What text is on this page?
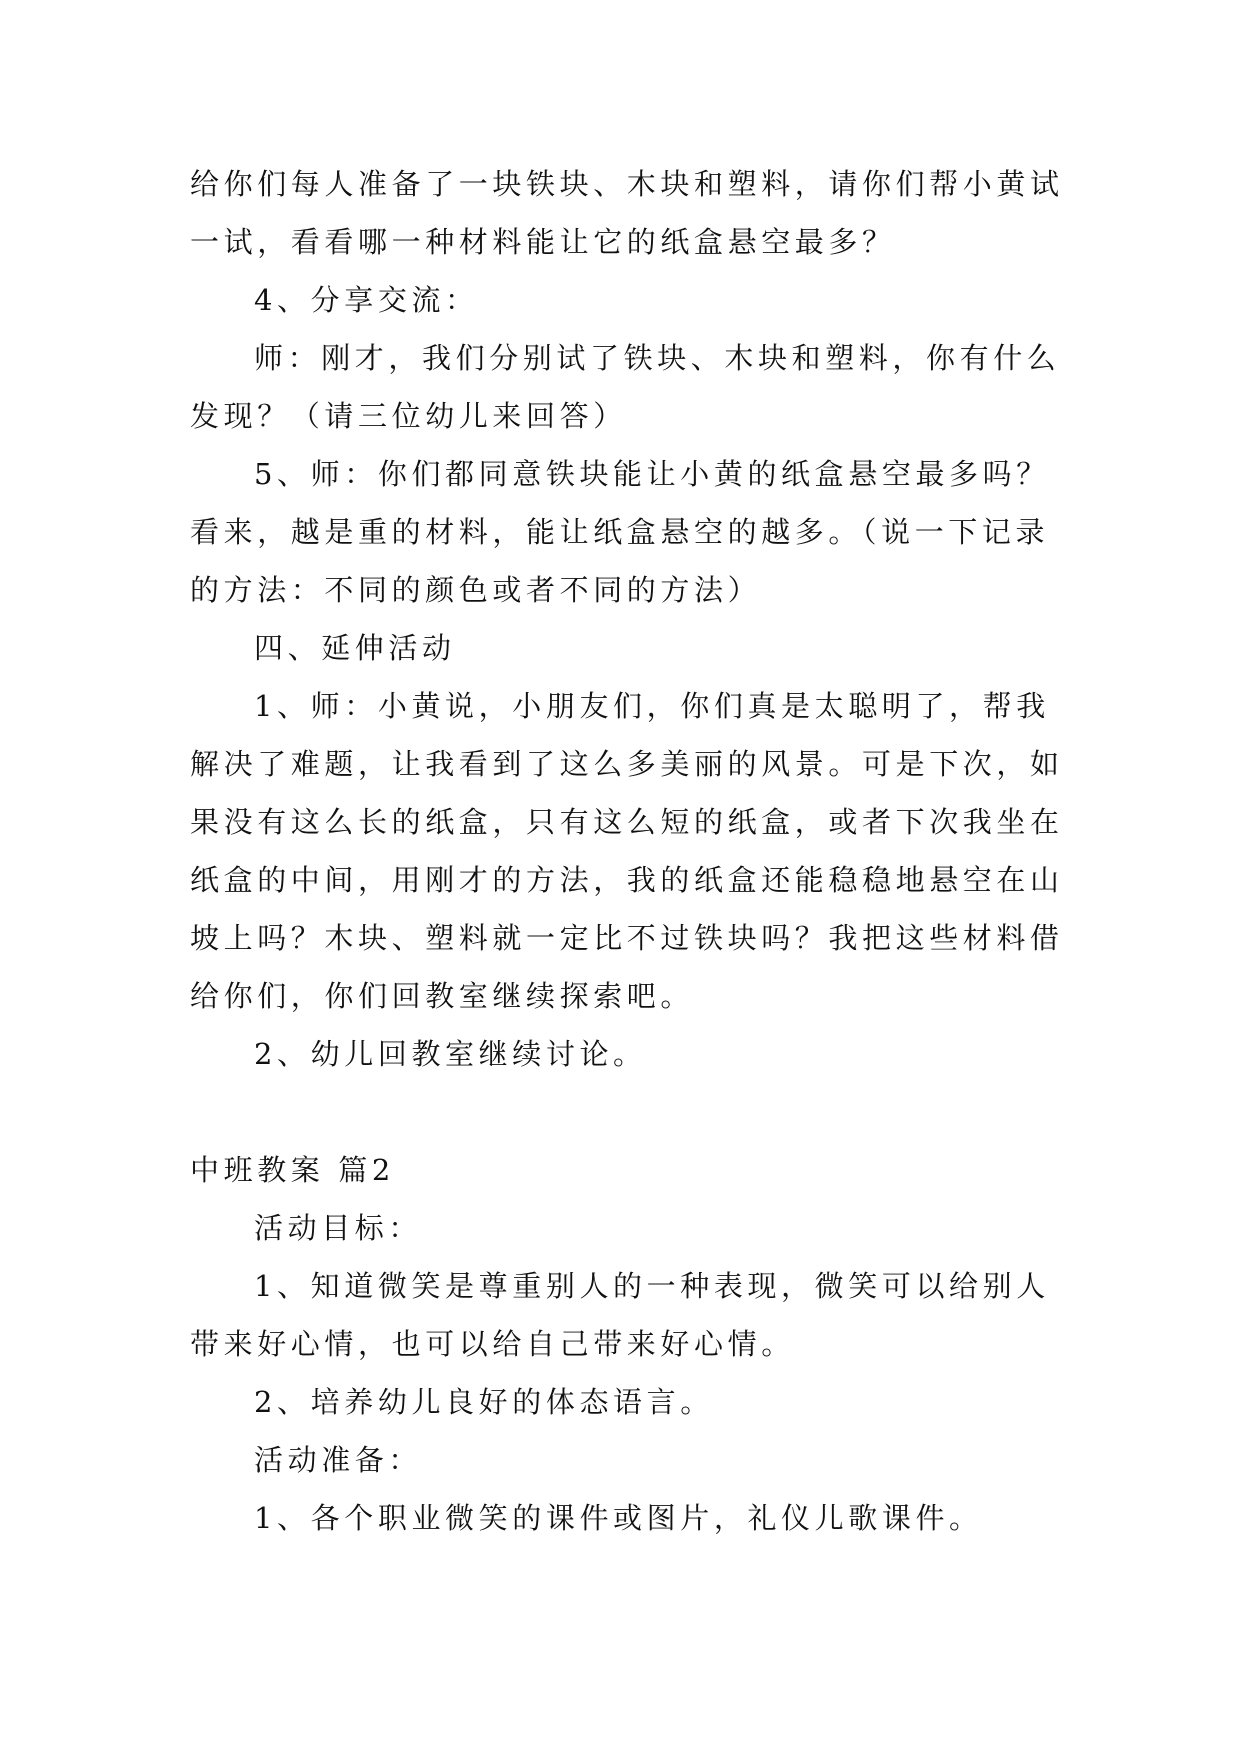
给你们每人准备了一块铁块、木块和塑料，请你们帮小黄试
一试，看看哪一种材料能让它的纸盒悬空最多？
4、分享交流：
师：刚才，我们分别试了铁块、木块和塑料，你有什么
发现？（请三位幼儿来回答）
5、师：你们都同意铁块能让小黄的纸盒悬空最多吗？
看来，越是重的材料，能让纸盒悬空的越多。（说一下记录
的方法：不同的颜色或者不同的方法）
四、延伸活动
1、师：小黄说，小朋友们，你们真是太聪明了，帮我
解决了难题，让我看到了这么多美丽的风景。可是下次，如
果没有这么长的纸盒，只有这么短的纸盒，或者下次我坐在
纸盒的中间，用刚才的方法，我的纸盒还能稳稳地悬空在山
坡上吗？木块、塑料就一定比不过铁块吗？我把这些材料借
给你们，你们回教室继续探索吧。
2、幼儿回教室继续讨论。
中班教案 篇2
活动目标：
1、知道微笑是尊重别人的一种表现，微笑可以给别人
带来好心情，也可以给自己带来好心情。
2、培养幼儿良好的体态语言。
活动准备：
1、各个职业微笑的课件或图片，礼仪儿歌课件。
